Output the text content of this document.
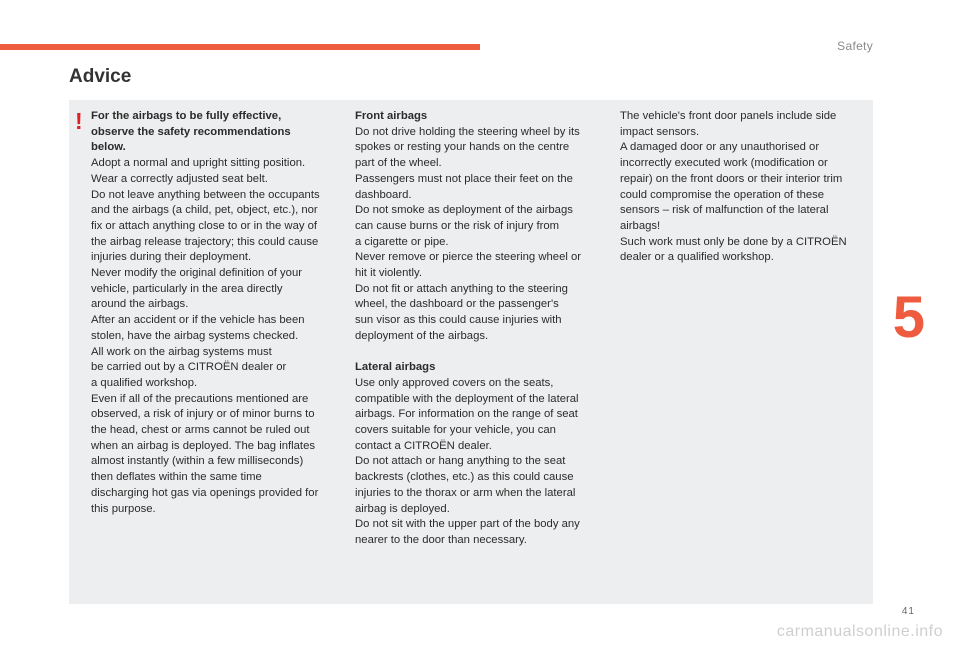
Safety
Advice
! For the airbags to be fully effective,

observe the safety recommendations

below.

Adopt a normal and upright sitting position.

Wear a correctly adjusted seat belt.

Do not leave anything between the occupants

and the airbags (a child, pet, object, etc.), nor

fix or attach anything close to or in the way of

the airbag release trajectory; this could cause

injuries during their deployment.

Never modify the original definition of your

vehicle, particularly in the area directly

around the airbags.

After an accident or if the vehicle has been

stolen, have the airbag systems checked.

All work on the airbag systems must

be carried out by a CITROËN dealer or

a qualified workshop.

Even if all of the precautions mentioned are

observed, a risk of injury or of minor burns to

the head, chest or arms cannot be ruled out

when an airbag is deployed. The bag inflates

almost instantly (within a few milliseconds)

then deflates within the same time

discharging hot gas via openings provided for

this purpose.

Front airbags

Do not drive holding the steering wheel by its

spokes or resting your hands on the centre

part of the wheel.

Passengers must not place their feet on the

dashboard.

Do not smoke as deployment of the airbags

can cause burns or the risk of injury from

a cigarette or pipe.

Never remove or pierce the steering wheel or

hit it violently.

Do not fit or attach anything to the steering

wheel, the dashboard or the passenger's

sun visor as this could cause injuries with

deployment of the airbags.

Lateral airbags

Use only approved covers on the seats,

compatible with the deployment of the lateral

airbags. For information on the range of seat

covers suitable for your vehicle, you can

contact a CITROËN dealer.

Do not attach or hang anything to the seat

backrests (clothes, etc.) as this could cause

injuries to the thorax or arm when the lateral

airbag is deployed.

Do not sit with the upper part of the body any

nearer to the door than necessary.

The vehicle's front door panels include side

impact sensors.

A damaged door or any unauthorised or

incorrectly executed work (modification or

repair) on the front doors or their interior trim

could compromise the operation of these

sensors – risk of malfunction of the lateral

airbags!

Such work must only be done by a CITROËN

dealer or a qualified workshop.

5
41
carmanualsonline.info
